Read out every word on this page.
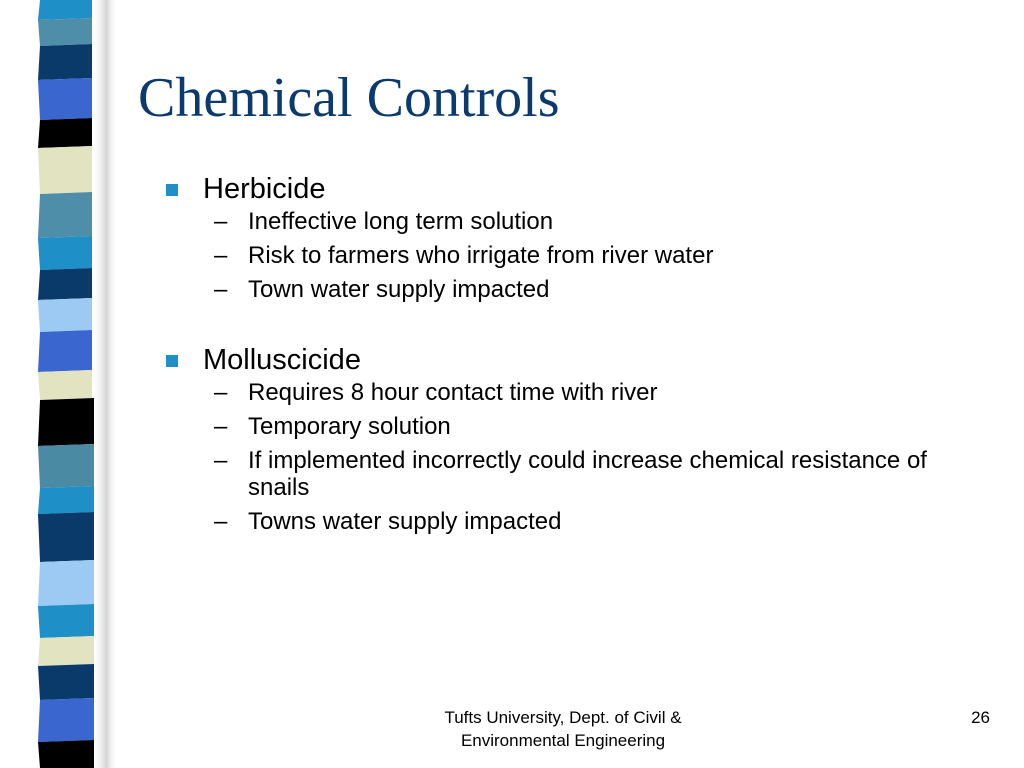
Chemical Controls

Herbicide

– Ineffective long term solution
– Risk to farmers who irrigate from river water
– Town water supply impacted

Molluscicide

– Requires 8 hour contact time with river
– Temporary solution
– If implemented incorrectly could increase chemical resistance of snails
– Towns water supply impacted
Tufts University, Dept. of Civil &
Environmental Engineering
26
